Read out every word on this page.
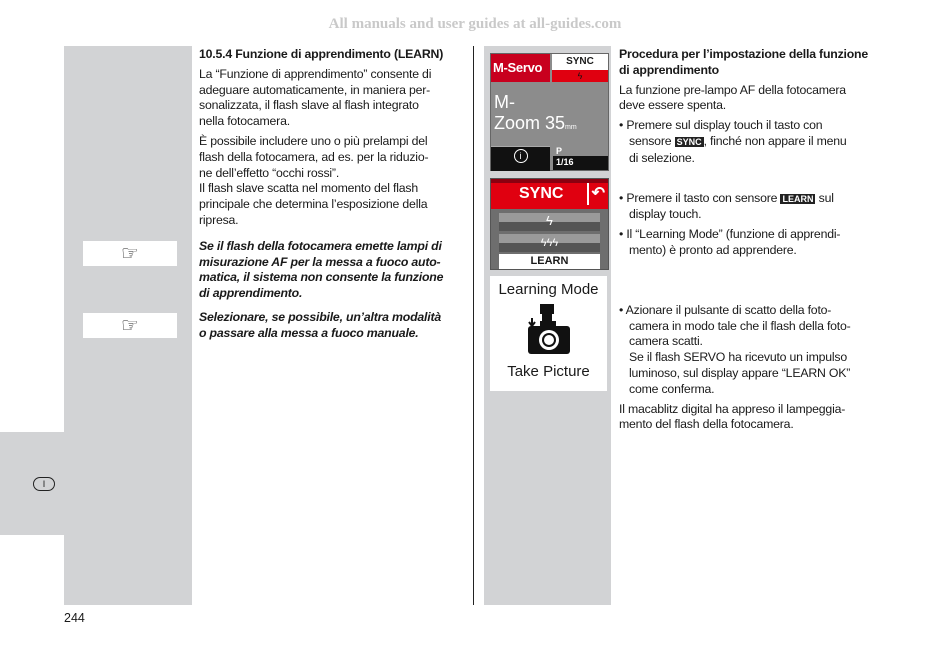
All manuals and user guides at all-guides.com
I
☞
☞
10.5.4 Funzione di apprendimento (LEARN)
La “Funzione di apprendimento” consente di
adeguare automaticamente, in maniera per-
sonalizzata, il flash slave al flash integrato
nella fotocamera.
È possibile includere uno o più prelampi del
flash della fotocamera, ad es. per la riduzio-
ne dell’effetto “occhi rossi”.
Il flash slave scatta nel momento del flash
principale che determina l’esposizione della
ripresa.
Se il flash della fotocamera emette lampi di
misurazione AF per la messa a fuoco auto-
matica, il sistema non consente la funzione
di apprendimento.
Selezionare, se possibile, un’altra modalità
o passare alla messa a fuoco manuale.
M-Servo	SYNC
ϟ
M-
Zoom 35mm
i	P
1/16
SYNC	↶
ϟ
ϟϟϟ
LEARN
Learning Mode
Take Picture
Procedura per l’impostazione della funzione
di apprendimento
La funzione pre-lampo AF della fotocamera
deve essere spenta.
• Premere sul display touch il tasto con
sensore SYNC , finché non appare il menu
di selezione.
• Premere il tasto con sensore LEARN sul
display touch.
• Il “Learning Mode” (funzione di apprendi-
mento) è pronto ad apprendere.
• Azionare il pulsante di scatto della foto-
camera in modo tale che il flash della foto-
camera scatti.
Se il flash SERVO ha ricevuto un impulso
luminoso, sul display appare “LEARN OK”
come conferma.
Il macablitz digital ha appreso il lampeggia-
mento del flash della fotocamera.
244
